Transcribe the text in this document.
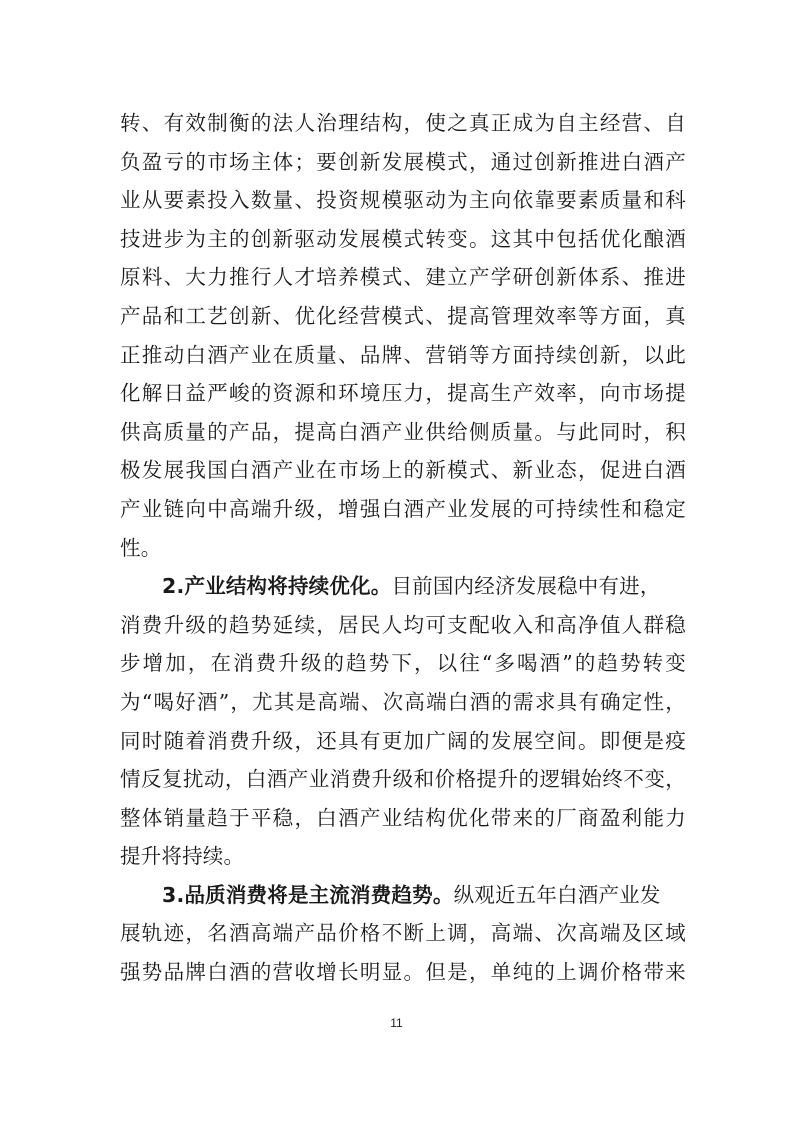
转、有效制衡的法人治理结构，使之真正成为自主经营、自
负盈亏的市场主体；要创新发展模式，通过创新推进白酒产
业从要素投入数量、投资规模驱动为主向依靠要素质量和科
技进步为主的创新驱动发展模式转变。这其中包括优化酿酒
原料、大力推行人才培养模式、建立产学研创新体系、推进
产品和工艺创新、优化经营模式、提高管理效率等方面，真
正推动白酒产业在质量、品牌、营销等方面持续创新，以此
化解日益严峻的资源和环境压力，提高生产效率，向市场提
供高质量的产品，提高白酒产业供给侧质量。与此同时，积
极发展我国白酒产业在市场上的新模式、新业态，促进白酒
产业链向中高端升级，增强白酒产业发展的可持续性和稳定
性。
2.产业结构将持续优化。目前国内经济发展稳中有进，
消费升级的趋势延续，居民人均可支配收入和高净值人群稳
步增加，在消费升级的趋势下，以往“多喝酒”的趋势转变
为“喝好酒”，尤其是高端、次高端白酒的需求具有确定性，
同时随着消费升级，还具有更加广阔的发展空间。即便是疫
情反复扰动，白酒产业消费升级和价格提升的逻辑始终不变，
整体销量趋于平稳，白酒产业结构优化带来的厂商盈利能力
提升将持续。
3.品质消费将是主流消费趋势。纵观近五年白酒产业发
展轨迹，名酒高端产品价格不断上调，高端、次高端及区域
强势品牌白酒的营收增长明显。但是，单纯的上调价格带来
11
